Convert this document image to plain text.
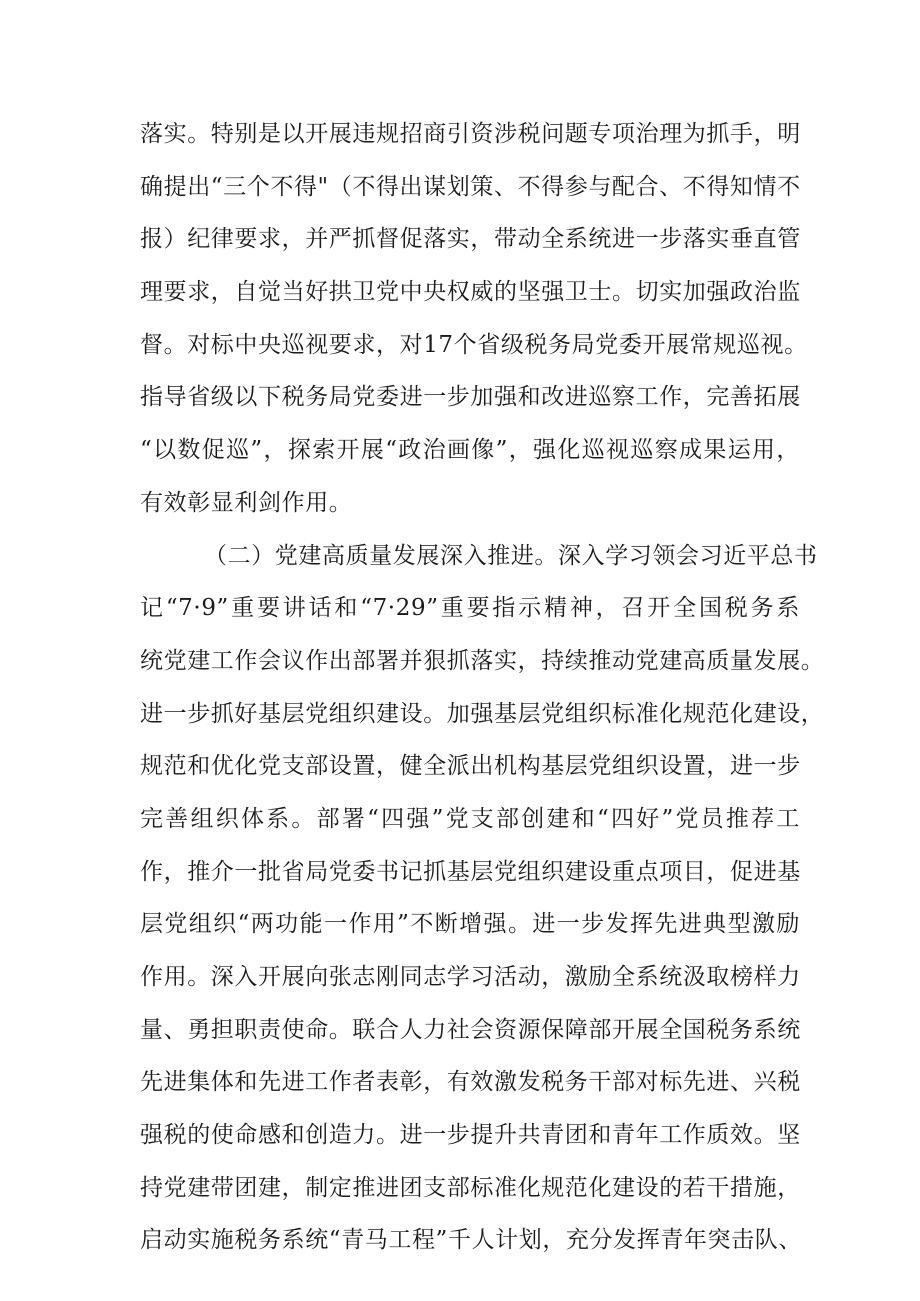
落实。特别是以开展违规招商引资涉税问题专项治理为抓手，明
确提出“三个不得"（不得出谋划策、不得参与配合、不得知情不
报）纪律要求，并严抓督促落实，带动全系统进一步落实垂直管
理要求，自觉当好拱卫党中央权威的坚强卫士。切实加强政治监
督。对标中央巡视要求，对17个省级税务局党委开展常规巡视。
指导省级以下税务局党委进一步加强和改进巡察工作，完善拓展
“以数促巡”，探索开展“政治画像”，强化巡视巡察成果运用，
有效彰显利剑作用。
（二）党建高质量发展深入推进。深入学习领会习近平总书
记“7·9”重要讲话和“7·29”重要指示精神，召开全国税务系
统党建工作会议作出部署并狠抓落实，持续推动党建高质量发展。
进一步抓好基层党组织建设。加强基层党组织标准化规范化建设，
规范和优化党支部设置，健全派出机构基层党组织设置，进一步
完善组织体系。部署“四强”党支部创建和“四好”党员推荐工
作，推介一批省局党委书记抓基层党组织建设重点项目，促进基
层党组织“两功能一作用”不断增强。进一步发挥先进典型激励
作用。深入开展向张志刚同志学习活动，激励全系统汲取榜样力
量、勇担职责使命。联合人力社会资源保障部开展全国税务系统
先进集体和先进工作者表彰，有效激发税务干部对标先进、兴税
强税的使命感和创造力。进一步提升共青团和青年工作质效。坚
持党建带团建，制定推进团支部标准化规范化建设的若干措施，
启动实施税务系统“青马工程”千人计划，充分发挥青年突击队、
